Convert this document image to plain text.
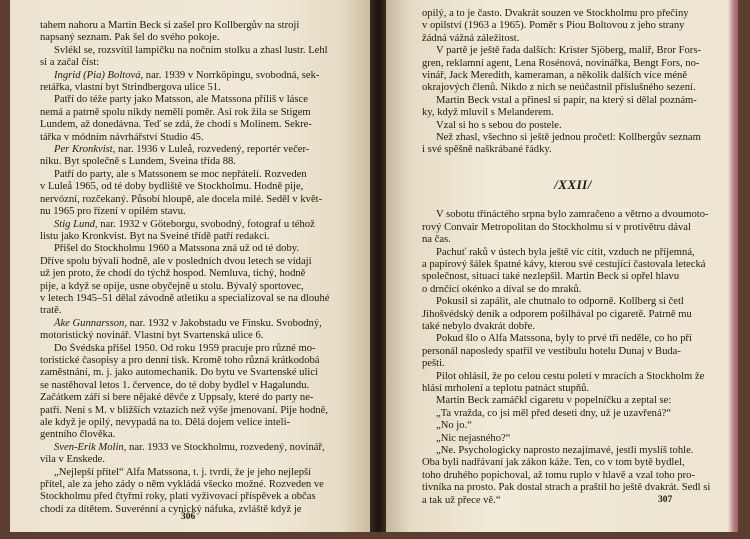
tahem nahoru a Martin Beck si zašel pro Kollbergův na stroji
napsaný seznam. Pak šel do svého pokoje.
Svlékl se, rozsvítil lampičku na nočním stolku a zhasl lustr. Lehl
si a začal číst:
Ingrid (Pia) Boltová, nar. 1939 v Norrköpingu, svobodná, sek-
retářka, vlastní byt Strindbergova ulice 51.
Patří do téže party jako Matsson, ale Matssona příliš v lásce
nemá a patrně spolu nikdy neměli poměr. Asi rok žila se Stigem
Lundem, až donedávna. Teď se zdá, že chodí s Molinem. Sekre-
tářka v módním návrhářství Studio 45.
Per Kronkvist, nar. 1936 v Luleå, rozvedený, reportér večer-
níku. Byt společně s Lundem, Sveina třída 88.
Patří do party, ale s Matssonem se moc nepřátelí. Rozveden
v Luleå 1965, od té doby bydliště ve Stockholmu. Hodně pije,
nervózní, rozčekaný. Působí hloupě, ale docela milé. Seděl v květ-
nu 1965 pro řízení v opilém stavu.
Stig Lund, nar. 1932 v Göteborgu, svobodný, fotograf u téhož
listu jako Kronkvist. Byt na Sveiné třídě patří redakci.
Přišel do Stockholmu 1960 a Matssona zná už od té doby.
Dříve spolu bývali hodně, ale v posledních dvou letech se vídají
už jen proto, že chodí do týchž hospod. Nemluva, tichý, hodně
pije, a když se opije, usne obyčejně u stolu. Bývalý sportovec,
v letech 1945–51 dělal závodně atletiku a specializoval se na dlouhé
tratě.
Åke Gunnarsson, nar. 1932 v Jakobstadu ve Finsku. Svobodný,
motoristický novinář. Vlastní byt Svartenská ulice 6.
Do Švédska přišel 1950. Od roku 1959 pracuje pro různé mo-
toristické časopisy a pro denní tisk. Kromě toho různá krátkodobá
zaměstnání, m. j. jako automechanik. Do bytu ve Svartenské ulici
se nastěhoval letos 1. července, do té doby bydlel v Hagalundu.
Začátkem září si bere nějaké děvče z Uppsaly, které do party ne-
patří. Není s M. v bližších vztazích než výše jmenovaní. Pije hodně,
ale když je opilý, nevypadá na to. Dělá dojem velice inteli-
gentního člověka.
Sven-Erik Molin, nar. 1933 ve Stockholmu, rozvedený, novinář,
vila v Enskede.
„Nejlepší přítel“ Alfa Matssona, t. j. tvrdí, že je jeho nejlepší
přítel, ale za jeho zády o něm vykládá všecko možné. Rozveden ve
Stockholmu před čtyřmi roky, platí vyživovací příspěvek a občas
chodí za dítětem. Suverénní a cynický náfuka, zvláště když je
306
opilý, a to je často. Dvakrát souzen ve Stockholmu pro přečiny
v opilství (1963 a 1965). Poměr s Piou Boltovou z jeho strany
žádná vážná záležitost.
V partě je ještě řada dalších: Krister Sjöberg, malíř, Bror Fors-
gren, reklamní agent, Lena Rosénová, novinářka, Bengt Fors, no-
vinář, Jack Meredith, kameraman, a několik dalších více méně
okrajových členů. Nikdo z nich se neúčastnil příslušného sezení.
Martin Beck vstal a přinesl si papír, na který si dělal poznám-
ky, když mluvil s Melanderem.
Vzal si ho s sebou do postele.
Než zhasl, všechno si ještě jednou pročetl: Kollbergův seznam
i své spěšně naškrábané řádky.
/XXII/
V sobotu třináctého srpna bylo zamračeno a větrno a dvoumoto-
rový Convair Metropolitan do Stockholmu si v protivětru dával
na čas.
Pachuť raků v ústech byla ještě víc cítit, vzduch ne příjemná,
a papírový šálek špatné kávy, kterou své cestující častovala letecká
společnost, situaci také nezlepšil. Martin Beck si opřel hlavu
o drnčící okénko a díval se do mraků.
Pokusil si zapálit, ale chutnalo to odporně. Kollberg si četl
Jihošvédský deník a odporem pošilhával po cigaretě. Patrně mu
také nebylo dvakrát dobře.
Pokud šlo o Alfa Matssona, byly to prvé tři neděle, co ho pří
personál naposledy spatřil ve vestibulu hotelu Dunaj v Buda-
pešti.
Pilot ohlásil, že po celou cestu poletí v mracích a Stockholm že
hlásí mrholení a teplotu patnáct stupňů.
Martin Beck zamáčkl cigaretu v popelníčku a zeptal se:
„Ta vražda, co jsi měl před deseti dny, už je uzavřená?“
„No jo.“
„Nic nejasného?“
„Ne. Psychologicky naprosto nezajímavé, jestli myslíš tohle.
Oba byli nadřávaní jak zákon káže. Ten, co v tom bytě bydlel,
toho druhého popichoval, až tomu ruplo v hlavě a vzal toho pro-
tivníka na prosto. Pak dostal strach a praštil ho ještě dvakrát. Sedl si
a tak už přece vě.“	307
